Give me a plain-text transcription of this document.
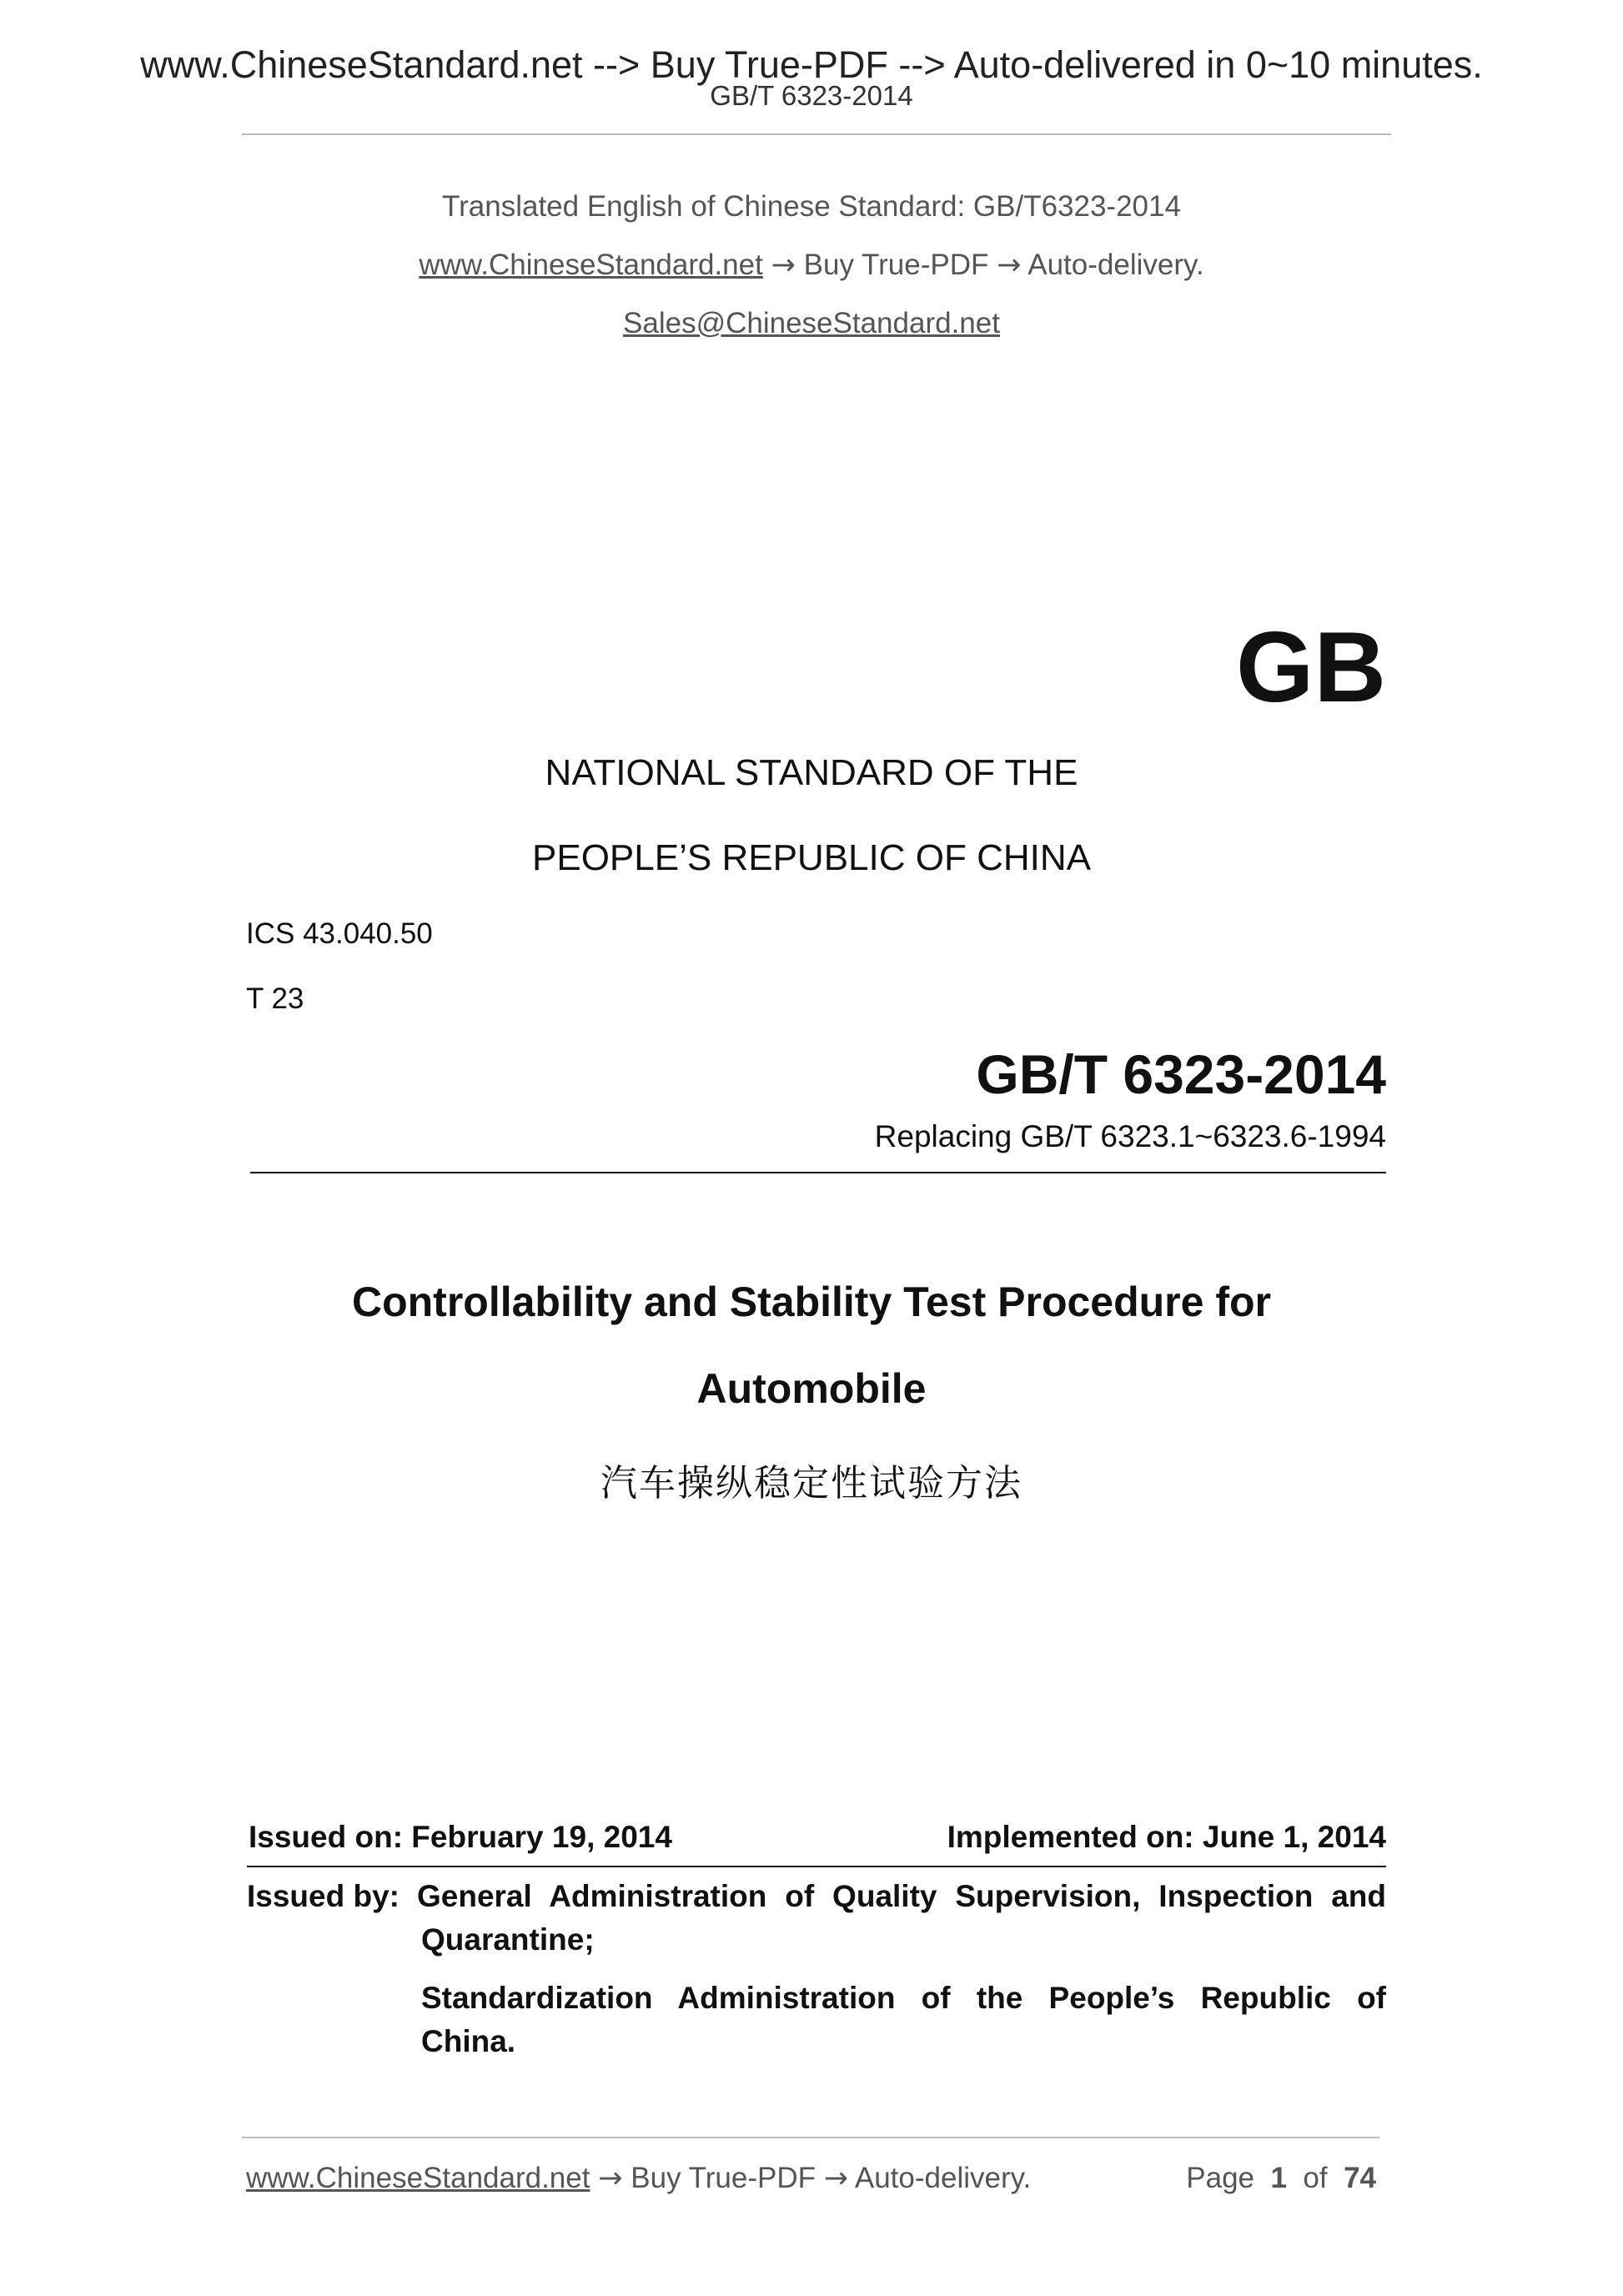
www.ChineseStandard.net --> Buy True-PDF --> Auto-delivered in 0~10 minutes.
GB/T 6323-2014
Translated English of Chinese Standard: GB/T6323-2014
www.ChineseStandard.net → Buy True-PDF → Auto-delivery.
Sales@ChineseStandard.net
GB
NATIONAL STANDARD OF THE
PEOPLE’S REPUBLIC OF CHINA
ICS 43.040.50
T 23
GB/T 6323-2014
Replacing GB/T 6323.1~6323.6-1994
Controllability and Stability Test Procedure for
Automobile
汽车操纵稳定性试验方法
Issued on: February 19, 2014	Implemented on: June 1, 2014
Issued by: General Administration of Quality Supervision, Inspection and
Quarantine;
Standardization Administration of the People’s Republic of
China.
www.ChineseStandard.net → Buy True-PDF → Auto-delivery.	Page 1 of 74
